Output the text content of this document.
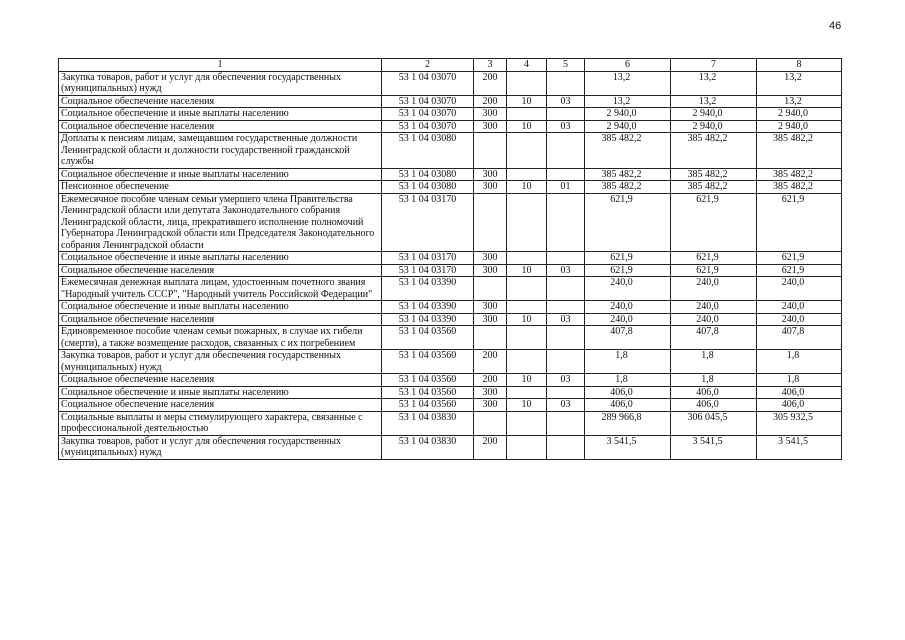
46
1	2	3	4	5	6	7	8
Закупка товаров, работ и услуг для обеспечения государственных (муниципальных) нужд	53 1 04 03070	200			13,2	13,2	13,2
Социальное обеспечение населения	53 1 04 03070	200	10	03	13,2	13,2	13,2
Социальное обеспечение и иные выплаты населению	53 1 04 03070	300			2 940,0	2 940,0	2 940,0
Социальное обеспечение населения	53 1 04 03070	300	10	03	2 940,0	2 940,0	2 940,0
Доплаты к пенсиям лицам, замещавшим государственные должности Ленинградской области и должности государственной гражданской службы	53 1 04 03080				385 482,2	385 482,2	385 482,2
Социальное обеспечение и иные выплаты населению	53 1 04 03080	300			385 482,2	385 482,2	385 482,2
Пенсионное обеспечение	53 1 04 03080	300	10	01	385 482,2	385 482,2	385 482,2
Ежемесячное пособие членам семьи умершего члена Правительства Ленинградской области или депутата Законодательного собрания Ленинградской области, лица, прекратившего исполнение полномочий Губернатора Ленинградской области или Председателя Законодательного собрания Ленинградской области	53 1 04 03170				621,9	621,9	621,9
Социальное обеспечение и иные выплаты населению	53 1 04 03170	300			621,9	621,9	621,9
Социальное обеспечение населения	53 1 04 03170	300	10	03	621,9	621,9	621,9
Ежемесячная денежная выплата лицам, удостоенным почетного звания "Народный учитель СССР", "Народный учитель Российской Федерации"	53 1 04 03390				240,0	240,0	240,0
Социальное обеспечение и иные выплаты населению	53 1 04 03390	300			240,0	240,0	240,0
Социальное обеспечение населения	53 1 04 03390	300	10	03	240,0	240,0	240,0
Единовременное пособие членам семьи пожарных, в случае их гибели (смерти), а также возмещение расходов, связанных с их погребением	53 1 04 03560				407,8	407,8	407,8
Закупка товаров, работ и услуг для обеспечения государственных (муниципальных) нужд	53 1 04 03560	200			1,8	1,8	1,8
Социальное обеспечение населения	53 1 04 03560	200	10	03	1,8	1,8	1,8
Социальное обеспечение и иные выплаты населению	53 1 04 03560	300			406,0	406,0	406,0
Социальное обеспечение населения	53 1 04 03560	300	10	03	406,0	406,0	406,0
Социальные выплаты и меры стимулирующего характера, связанные с профессиональной деятельностью	53 1 04 03830				289 966,8	306 045,5	305 932,5
Закупка товаров, работ и услуг для обеспечения государственных (муниципальных) нужд	53 1 04 03830	200			3 541,5	3 541,5	3 541,5
